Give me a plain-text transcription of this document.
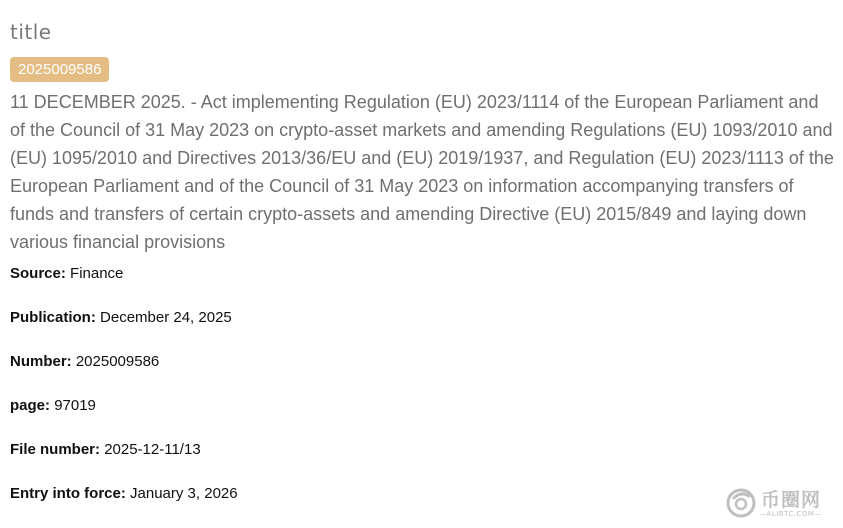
title
2025009586
11 DECEMBER 2025. - Act implementing Regulation (EU) 2023/1114 of the European Parliament and of the Council of 31 May 2023 on crypto-asset markets and amending Regulations (EU) 1093/2010 and (EU) 1095/2010 and Directives 2013/36/EU and (EU) 2019/1937, and Regulation (EU) 2023/1113 of the European Parliament and of the Council of 31 May 2023 on information accompanying transfers of funds and transfers of certain crypto-assets and amending Directive (EU) 2015/849 and laying down various financial provisions
Source: Finance
Publication: December 24, 2025
Number: 2025009586
page: 97019
File number: 2025-12-11/13
Entry into force: January 3, 2026	币圈网
—ALIBTC.COM—
